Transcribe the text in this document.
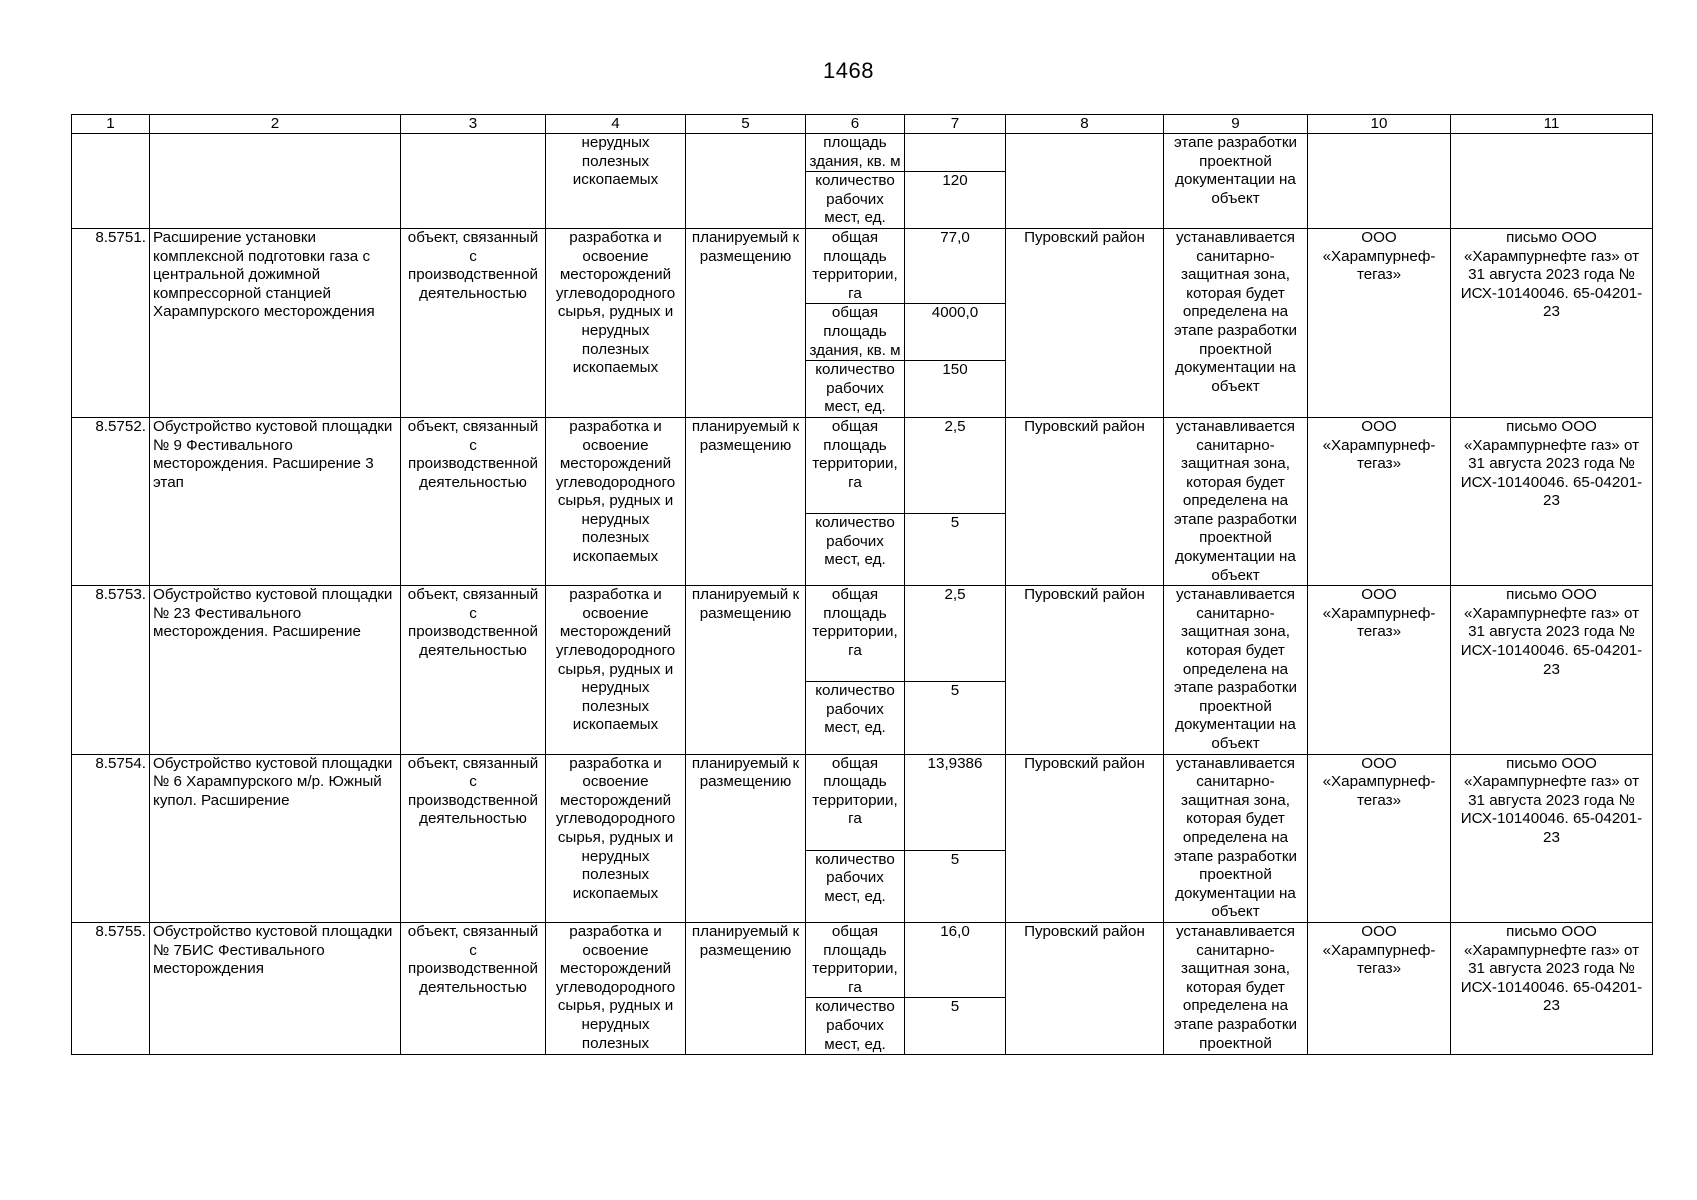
1468
1	2	3	4	5	6	7	8	9	10	11
			нерудных полезных ископаемых		площадь здания, кв. м			этапе разработки проектной документации на объект		
					количество рабочих мест, ед.	120				
8.5751.	Расширение установки комплексной подготовки газа с центральной дожимной компрессорной станцией Харампурского месторождения	объект, связанный с производственной деятельностью	разработка и освоение месторождений углеводородного сырья, рудных и нерудных полезных ископаемых	планируемый к размещению	общая площадь территории, га	77,0	Пуровский район	устанавливается санитарно-защитная зона, которая будет определена на этапе разработки проектной документации на объект	ООО «Харампурнеф-тегаз»	письмо ООО «Харампурнефте газ» от 31 августа 2023 года № ИСХ-10140046. 65-04201-23
					общая площадь здания, кв. м	4000,0				
					количество рабочих мест, ед.	150				
8.5752.	Обустройство кустовой площадки № 9 Фестивального месторождения. Расширение 3 этап	объект, связанный с производственной деятельностью	разработка и освоение месторождений углеводородного сырья, рудных и нерудных полезных ископаемых	планируемый к размещению	общая площадь территории, га	2,5	Пуровский район	устанавливается санитарно-защитная зона, которая будет определена на этапе разработки проектной документации на объект	ООО «Харампурнеф-тегаз»	письмо ООО «Харампурнефте газ» от 31 августа 2023 года № ИСХ-10140046. 65-04201-23
					количество рабочих мест, ед.	5				
8.5753.	Обустройство кустовой площадки № 23 Фестивального месторождения. Расширение	объект, связанный с производственной деятельностью	разработка и освоение месторождений углеводородного сырья, рудных и нерудных полезных ископаемых	планируемый к размещению	общая площадь территории, га	2,5	Пуровский район	устанавливается санитарно-защитная зона, которая будет определена на этапе разработки проектной документации на объект	ООО «Харампурнеф-тегаз»	письмо ООО «Харампурнефте газ» от 31 августа 2023 года № ИСХ-10140046. 65-04201-23
					количество рабочих мест, ед.	5				
8.5754.	Обустройство кустовой площадки № 6 Харампурского м/р. Южный купол. Расширение	объект, связанный с производственной деятельностью	разработка и освоение месторождений углеводородного сырья, рудных и нерудных полезных ископаемых	планируемый к размещению	общая площадь территории, га	13,9386	Пуровский район	устанавливается санитарно-защитная зона, которая будет определена на этапе разработки проектной документации на объект	ООО «Харампурнеф-тегаз»	письмо ООО «Харампурнефте газ» от 31 августа 2023 года № ИСХ-10140046. 65-04201-23
					количество рабочих мест, ед.	5				
8.5755.	Обустройство кустовой площадки № 7БИС Фестивального месторождения	объект, связанный с производственной деятельностью	разработка и освоение месторождений углеводородного сырья, рудных и нерудных полезных	планируемый к размещению	общая площадь территории, га	16,0	Пуровский район	устанавливается санитарно-защитная зона, которая будет определена на этапе разработки проектной	ООО «Харампурнеф-тегаз»	письмо ООО «Харампурнефте газ» от 31 августа 2023 года № ИСХ-10140046. 65-04201-23
					количество рабочих мест, ед.	5				
